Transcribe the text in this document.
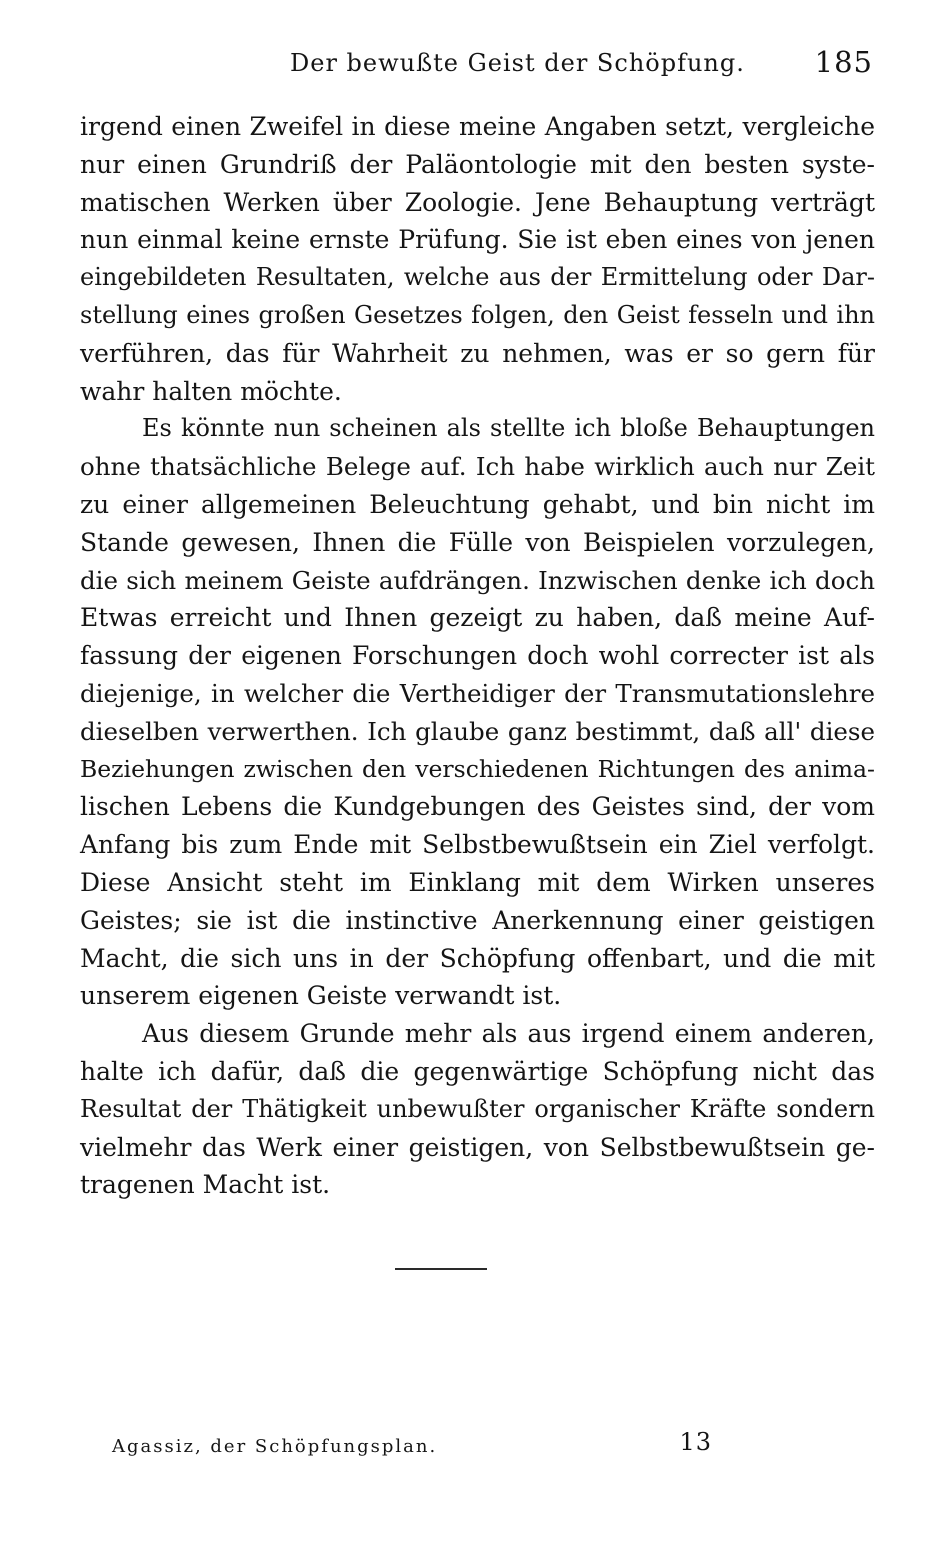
Der bewußte Geist der Schöpfung. 185
irgend einen Zweifel in diese meine Angaben setzt, vergleiche
nur einen Grundriß der Paläontologie mit den besten syste-
matischen Werken über Zoologie. Jene Behauptung verträgt
nun einmal keine ernste Prüfung. Sie ist eben eines von jenen
eingebildeten Resultaten, welche aus der Ermittelung oder Dar-
stellung eines großen Gesetzes folgen, den Geist fesseln und ihn
verführen, das für Wahrheit zu nehmen, was er so gern für
wahr halten möchte.
Es könnte nun scheinen als stellte ich bloße Behauptungen
ohne thatsächliche Belege auf. Ich habe wirklich auch nur Zeit
zu einer allgemeinen Beleuchtung gehabt, und bin nicht im
Stande gewesen, Ihnen die Fülle von Beispielen vorzulegen,
die sich meinem Geiste aufdrängen. Inzwischen denke ich doch
Etwas erreicht und Ihnen gezeigt zu haben, daß meine Auf-
fassung der eigenen Forschungen doch wohl correcter ist als
diejenige, in welcher die Vertheidiger der Transmutationslehre
dieselben verwerthen. Ich glaube ganz bestimmt, daß all' diese
Beziehungen zwischen den verschiedenen Richtungen des anima-
lischen Lebens die Kundgebungen des Geistes sind, der vom
Anfang bis zum Ende mit Selbstbewußtsein ein Ziel verfolgt.
Diese Ansicht steht im Einklang mit dem Wirken unseres
Geistes; sie ist die instinctive Anerkennung einer geistigen
Macht, die sich uns in der Schöpfung offenbart, und die mit
unserem eigenen Geiste verwandt ist.
Aus diesem Grunde mehr als aus irgend einem anderen,
halte ich dafür, daß die gegenwärtige Schöpfung nicht das
Resultat der Thätigkeit unbewußter organischer Kräfte sondern
vielmehr das Werk einer geistigen, von Selbstbewußtsein ge-
tragenen Macht ist.
Agassiz, der Schöpfungsplan.	13
